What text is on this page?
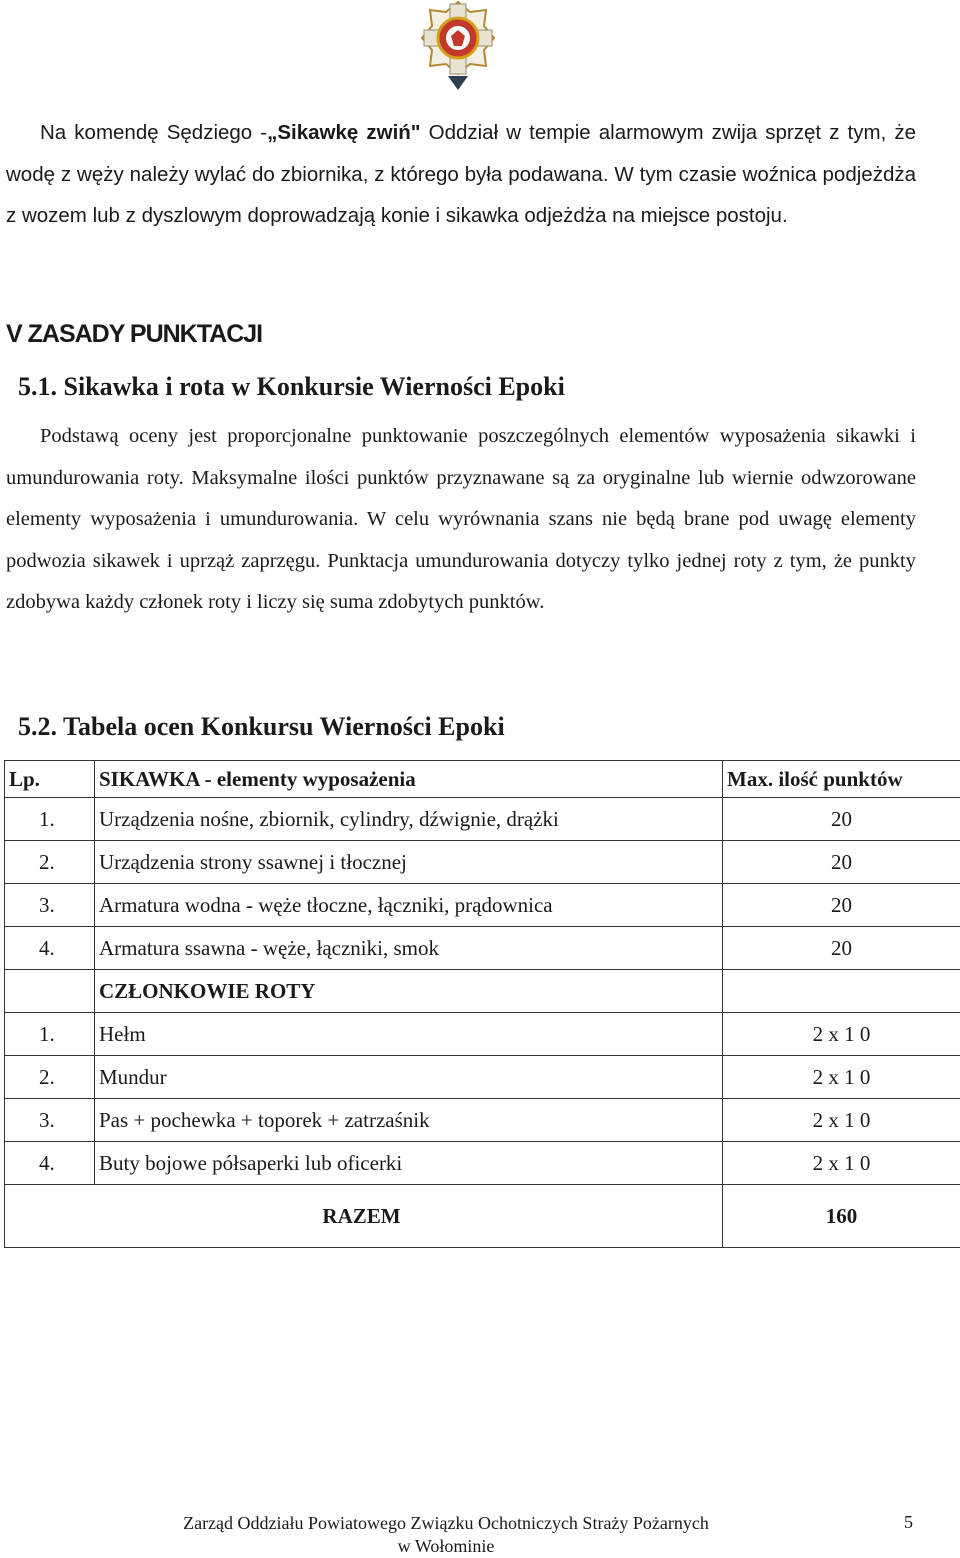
Na komendę Sędziego -„Sikawkę zwiń" Oddział w tempie alarmowym zwija sprzęt z tym, że wodę z węży należy wylać do zbiornika, z którego była podawana. W tym czasie woźnica podjeżdża z wozem lub z dyszlowym doprowadzają konie i sikawka odjeżdża na miejsce postoju.

V ZASADY PUNKTACJI
5.1. Sikawka i rota w Konkursie Wierności Epoki

Podstawą oceny jest proporcjonalne punktowanie poszczególnych elementów wyposażenia sikawki i umundurowania roty. Maksymalne ilości punktów przyznawane są za oryginalne lub wiernie odwzorowane elementy wyposażenia i umundurowania. W celu wyrównania szans nie będą brane pod uwagę elementy podwozia sikawek i uprząż zaprzęgu. Punktacja umundurowania dotyczy tylko jednej roty z tym, że punkty zdobywa każdy członek roty i liczy się suma zdobytych punktów.

5.2. Tabela ocen Konkursu Wierności Epoki
Lp.	SIKAWKA - elementy wyposażenia	Max. ilość punktów
1.	Urządzenia nośne, zbiornik, cylindry, dźwignie, drążki	20
2.	Urządzenia strony ssawnej i tłocznej	20
3.	Armatura wodna - węże tłoczne, łączniki, prądownica	20
4.	Armatura ssawna - węże, łączniki, smok	20
	CZŁONKOWIE ROTY	
1.	Hełm	2 x 1 0
2.	Mundur	2 x 1 0
3.	Pas + pochewka + toporek + zatrzaśnik	2 x 1 0
4.	Buty bojowe półsaperki lub oficerki	2 x 1 0
RAZEM		160
Zarząd Oddziału Powiatowego Związku Ochotniczych Straży Pożarnych
w Wołominie
5
